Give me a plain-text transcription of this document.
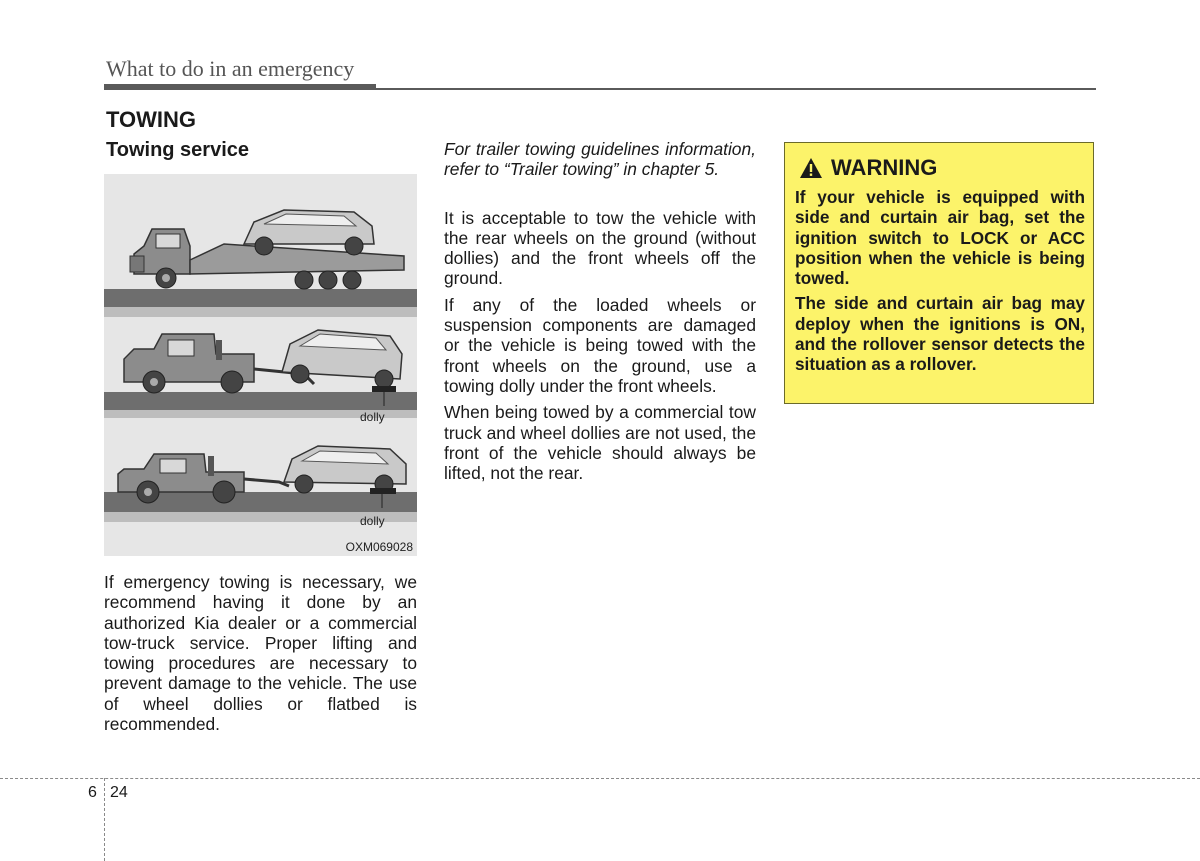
What to do in an emergency
TOWING
Towing service
dolly
dolly
OXM069028

If emergency towing is necessary, we recommend having it done by an authorized Kia dealer or a commercial tow-truck service. Proper lifting and towing procedures are necessary to prevent damage to the vehicle. The use of wheel dollies or flatbed is recommended.

For trailer towing guidelines information, refer to “Trailer towing” in chapter 5.

It is acceptable to tow the vehicle with the rear wheels on the ground (without dollies) and the front wheels off the ground.

If any of the loaded wheels or suspension components are damaged or the vehicle is being towed with the front wheels on the ground, use a towing dolly under the front wheels.

When being towed by a commercial tow truck and wheel dollies are not used, the front of the vehicle should always be lifted, not the rear.

WARNING

If your vehicle is equipped with side and curtain air bag, set the ignition switch to LOCK or ACC position when the vehicle is being towed.

The side and curtain air bag may deploy when the ignitions is ON, and the rollover sensor detects the situation as a rollover.

6 24
